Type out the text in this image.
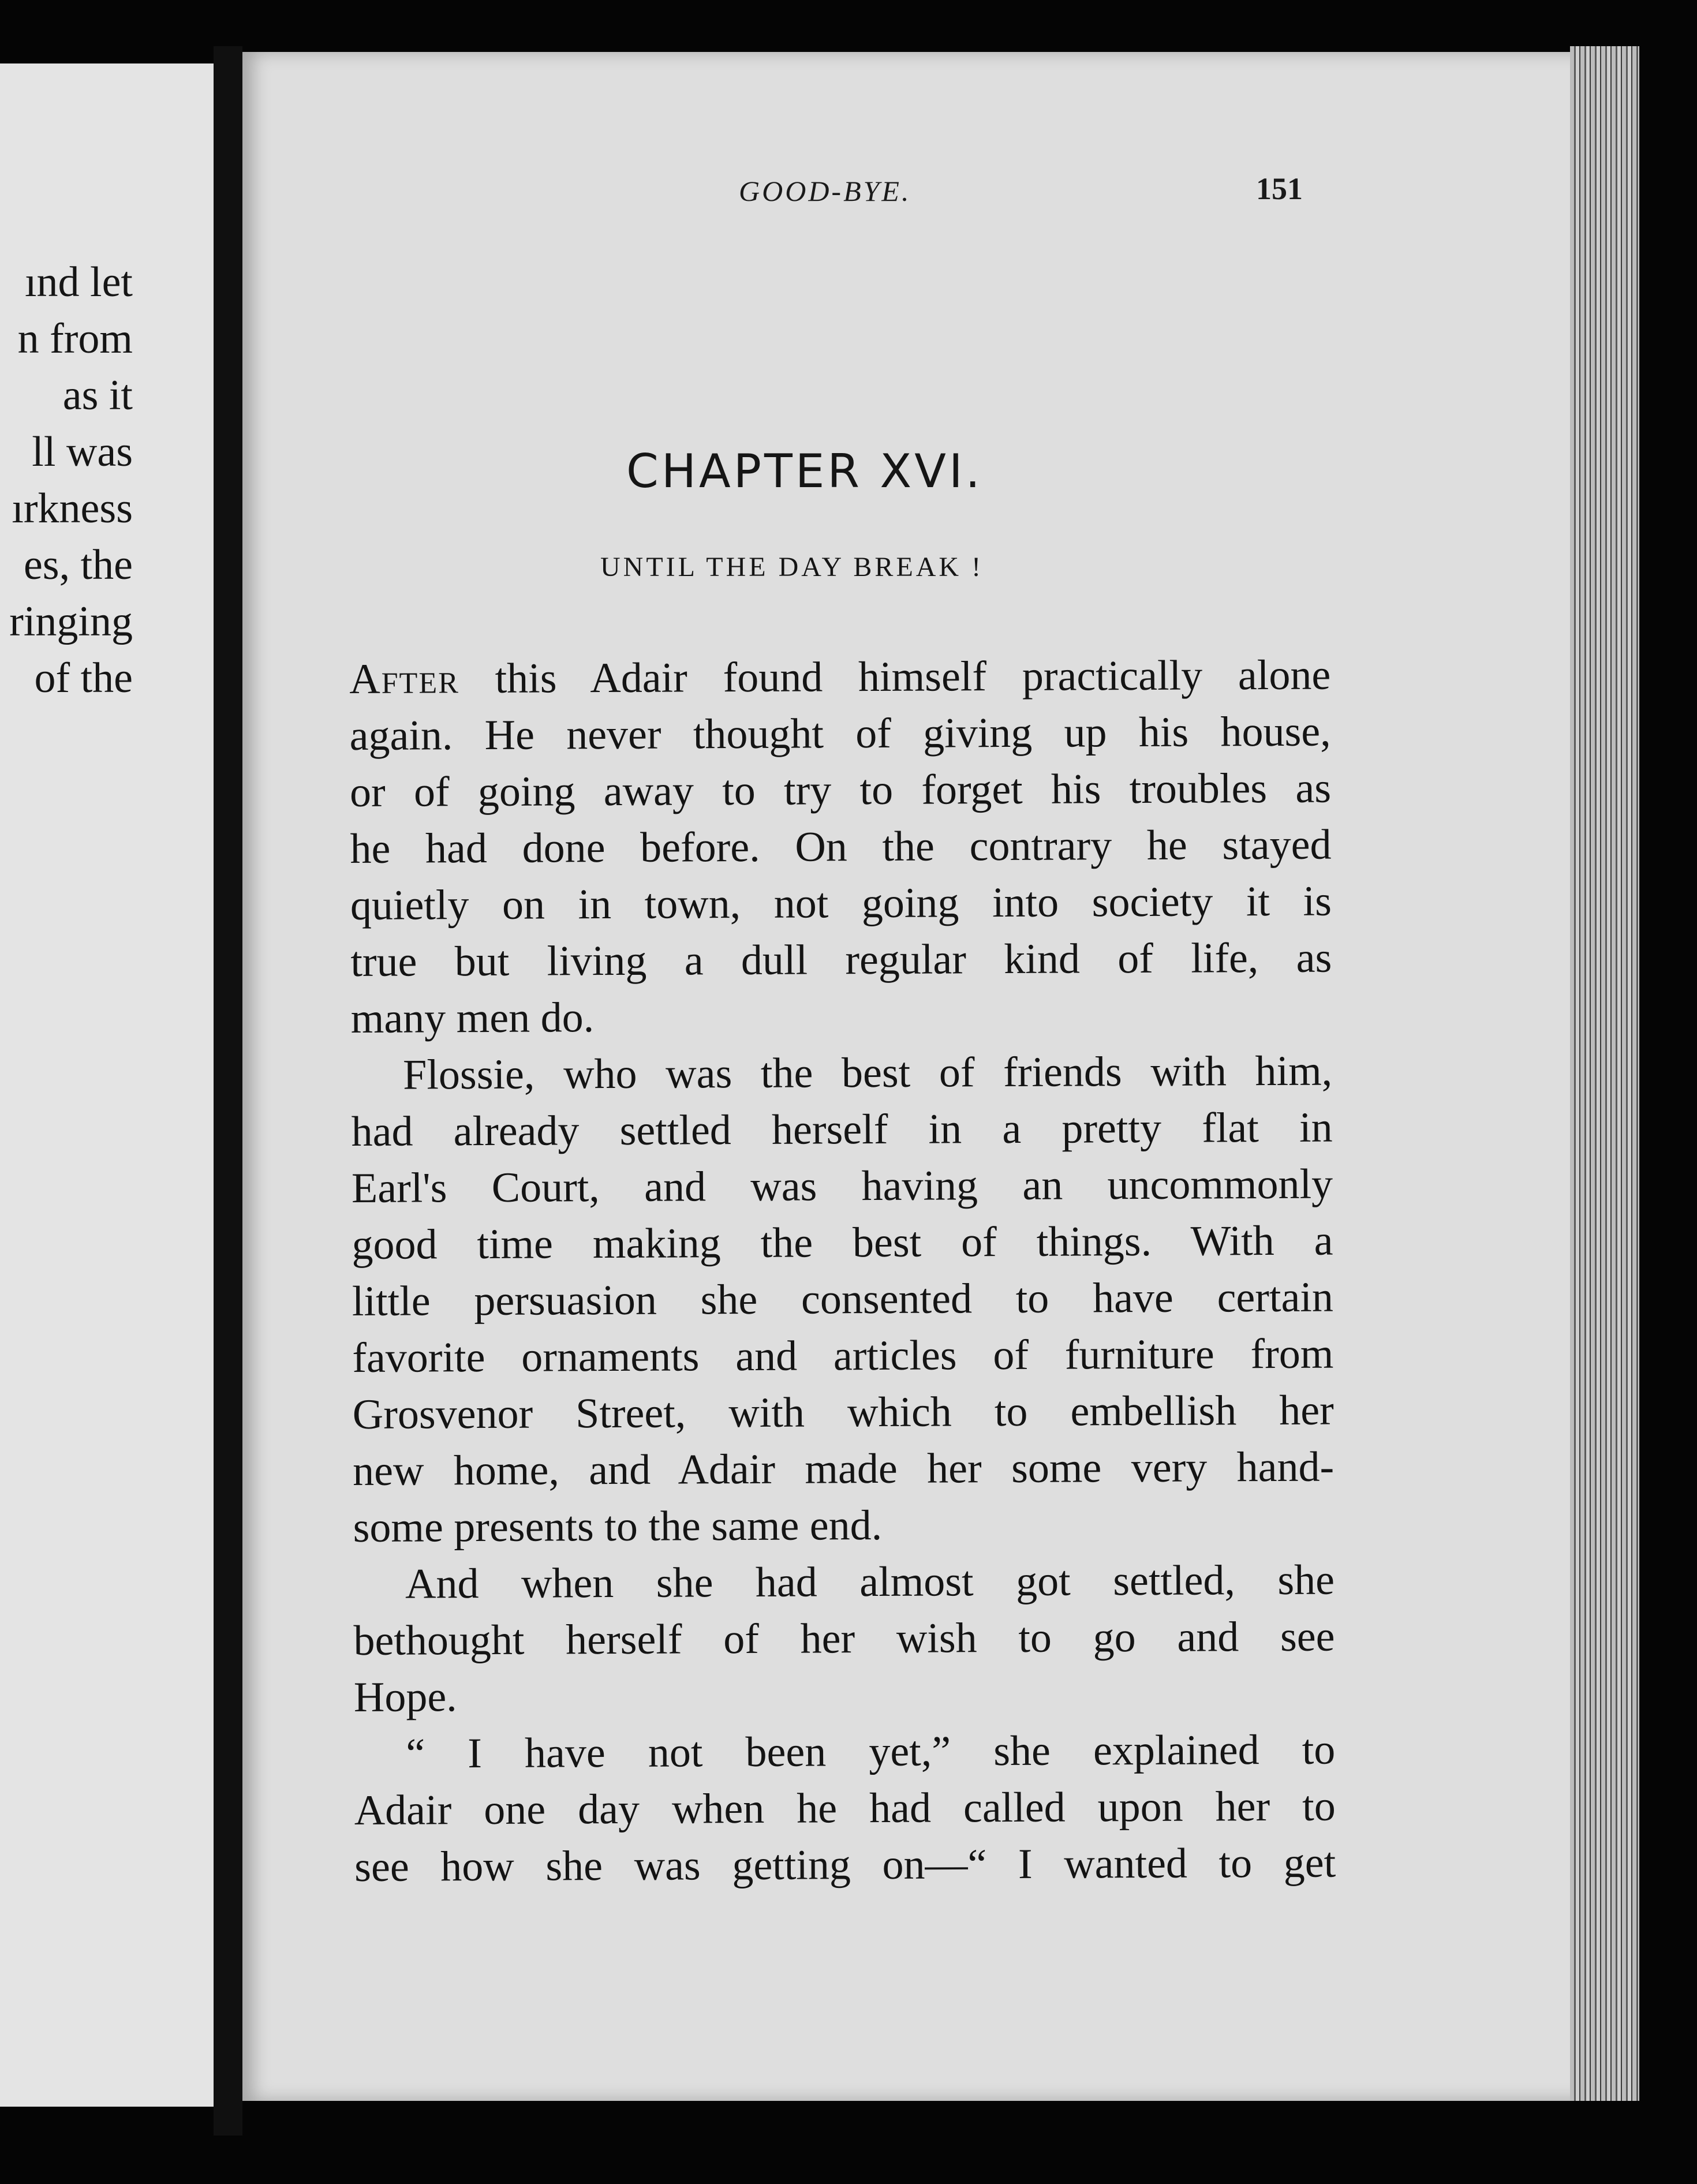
ınd let
n from
as it
ll was
ırkness
es, the
ringing
of the
GOOD-BYE.	151
CHAPTER XVI.
UNTIL THE DAY BREAK !
After this Adair found himself practically alone
again. He never thought of giving up his house,
or of going away to try to forget his troubles as
he had done before. On the contrary he stayed
quietly on in town, not going into society it is
true but living a dull regular kind of life, as
many men do.
Flossie, who was the best of friends with him,
had already settled herself in a pretty flat in
Earl's Court, and was having an uncommonly
good time making the best of things. With a
little persuasion she consented to have certain
favorite ornaments and articles of furniture from
Grosvenor Street, with which to embellish her
new home, and Adair made her some very hand-
some presents to the same end.
And when she had almost got settled, she
bethought herself of her wish to go and see
Hope.
“ I have not been yet,” she explained to
Adair one day when he had called upon her to
see how she was getting on—“ I wanted to get
